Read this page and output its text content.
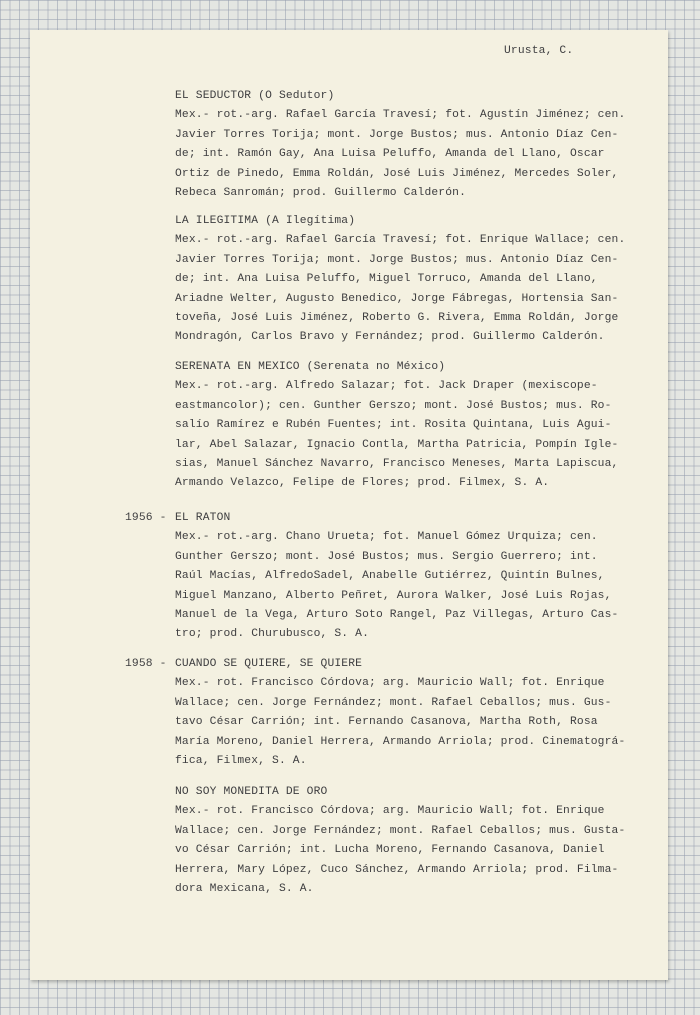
Urusta, C.
EL SEDUCTOR (O Sedutor)
Mex.- rot.-arg. Rafael García Travesí; fot. Agustín Jiménez; cen.
Javier Torres Torija; mont. Jorge Bustos; mus. Antonio Díaz Cen-
de; int. Ramón Gay, Ana Luisa Peluffo, Amanda del Llano, Oscar
Ortiz de Pinedo, Emma Roldán, José Luis Jiménez, Mercedes Soler,
Rebeca Sanromán; prod. Guillermo Calderón.
LA ILEGITIMA (A Ilegítima)
Mex.- rot.-arg. Rafael García Travesí; fot. Enrique Wallace; cen.
Javier Torres Torija; mont. Jorge Bustos; mus. Antonio Díaz Cen-
de; int. Ana Luisa Peluffo, Miguel Torruco, Amanda del Llano,
Ariadne Welter, Augusto Benedico, Jorge Fábregas, Hortensia San-
toveña, José Luis Jiménez, Roberto G. Rivera, Emma Roldán, Jorge
Mondragón, Carlos Bravo y Fernández; prod. Guillermo Calderón.
SERENATA EN MEXICO (Serenata no México)
Mex.- rot.-arg. Alfredo Salazar; fot. Jack Draper (mexiscope-
eastmancolor); cen. Gunther Gerszo; mont. José Bustos; mus. Ro-
salío Ramírez e Rubén Fuentes; int. Rosita Quintana, Luis Agui-
lar, Abel Salazar, Ignacio Contla, Martha Patricia, Pompín Igle-
sias, Manuel Sánchez Navarro, Francisco Meneses, Marta Lapiscua,
Armando Velazco, Felipe de Flores; prod. Filmex, S. A.
1956 - EL RATON
Mex.- rot.-arg. Chano Urueta; fot. Manuel Gómez Urquiza; cen.
Gunther Gerszo; mont. José Bustos; mus. Sergio Guerrero; int.
Raúl Macías, AlfredoSadel, Anabelle Gutiérrez, Quintín Bulnes,
Miguel Manzano, Alberto Peñret, Aurora Walker, José Luis Rojas,
Manuel de la Vega, Arturo Soto Rangel, Paz Villegas, Arturo Cas-
tro; prod. Churubusco, S. A.
1958 - CUANDO SE QUIERE, SE QUIERE
Mex.- rot. Francisco Córdova; arg. Mauricio Wall; fot. Enrique
Wallace; cen. Jorge Fernández; mont. Rafael Ceballos; mus. Gus-
tavo César Carrión; int. Fernando Casanova, Martha Roth, Rosa
María Moreno, Daniel Herrera, Armando Arriola; prod. Cinematográ-
fica, Filmex, S. A.
NO SOY MONEDITA DE ORO
Mex.- rot. Francisco Córdova; arg. Mauricio Wall; fot. Enrique
Wallace; cen. Jorge Fernández; mont. Rafael Ceballos; mus. Gusta-
vo César Carrión; int. Lucha Moreno, Fernando Casanova, Daniel
Herrera, Mary López, Cuco Sánchez, Armando Arriola; prod. Filma-
dora Mexicana, S. A.
